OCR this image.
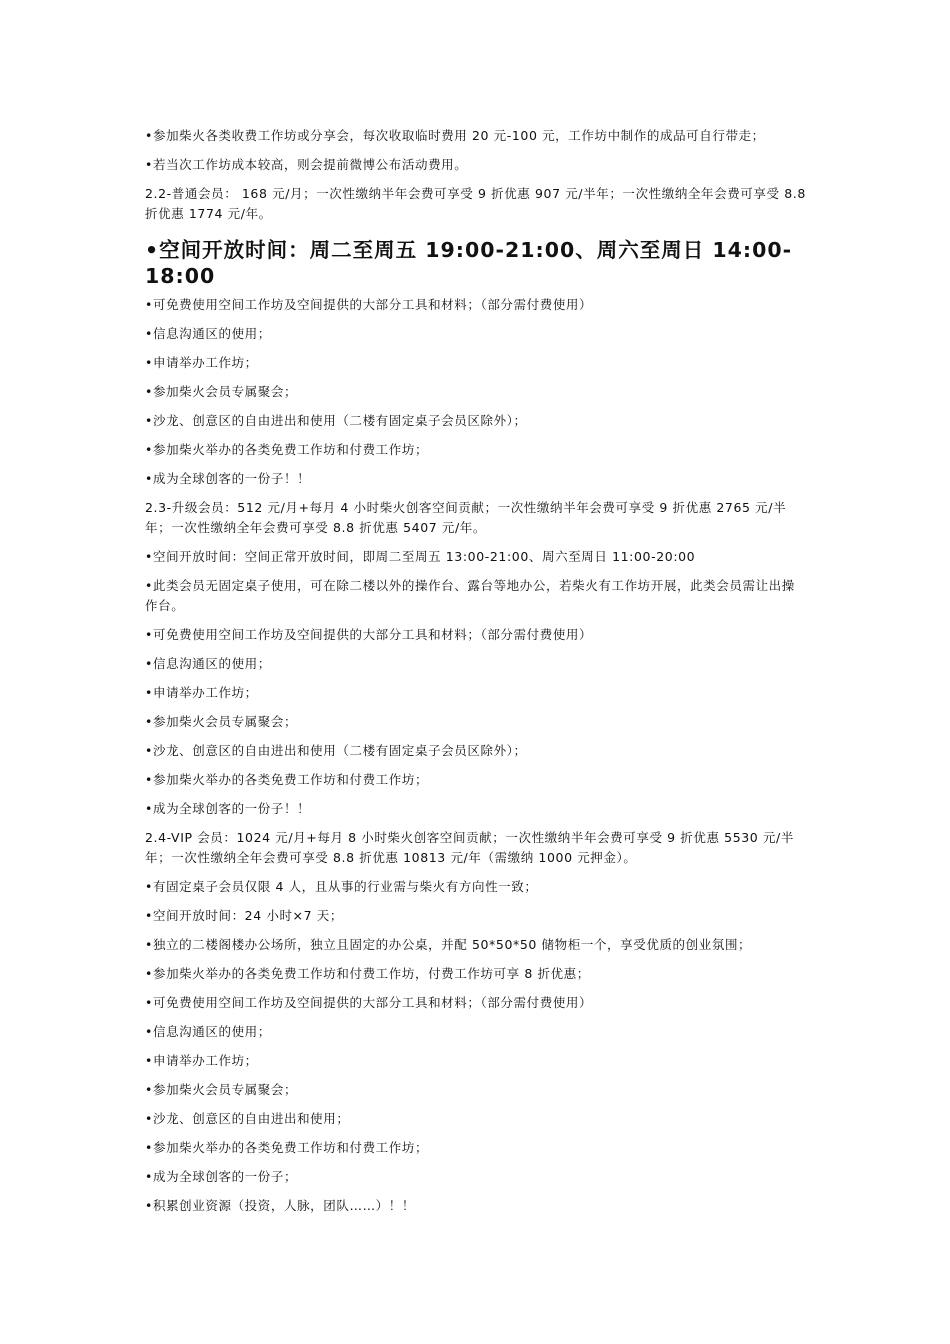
•参加柴火各类收费工作坊或分享会，每次收取临时费用 20 元-100 元，工作坊中制作的成品可自行带走；

•若当次工作坊成本较高，则会提前微博公布活动费用。

2.2-普通会员： 168 元/月；一次性缴纳半年会费可享受 9 折优惠 907 元/半年；一次性缴纳全年会费可享受 8.8 折优惠 1774 元/年。

•空间开放时间：周二至周五 19:00-21:00、周六至周日 14:00-18:00

•可免费使用空间工作坊及空间提供的大部分工具和材料；（部分需付费使用）

•信息沟通区的使用；

•申请举办工作坊；

•参加柴火会员专属聚会；

•沙龙、创意区的自由进出和使用（二楼有固定桌子会员区除外）；

•参加柴火举办的各类免费工作坊和付费工作坊；

•成为全球创客的一份子！！

2.3-升级会员：512 元/月+每月 4 小时柴火创客空间贡献；一次性缴纳半年会费可享受 9 折优惠 2765 元/半年；一次性缴纳全年会费可享受 8.8 折优惠 5407 元/年。

•空间开放时间：空间正常开放时间，即周二至周五 13:00-21:00、周六至周日 11:00-20:00

•此类会员无固定桌子使用，可在除二楼以外的操作台、露台等地办公，若柴火有工作坊开展，此类会员需让出操作台。

•可免费使用空间工作坊及空间提供的大部分工具和材料；（部分需付费使用）

•信息沟通区的使用；

•申请举办工作坊；

•参加柴火会员专属聚会；

•沙龙、创意区的自由进出和使用（二楼有固定桌子会员区除外）；

•参加柴火举办的各类免费工作坊和付费工作坊；

•成为全球创客的一份子！！

2.4-VIP 会员：1024 元/月+每月 8 小时柴火创客空间贡献；一次性缴纳半年会费可享受 9 折优惠 5530 元/半年；一次性缴纳全年会费可享受 8.8 折优惠 10813 元/年（需缴纳 1000 元押金）。

•有固定桌子会员仅限 4 人，且从事的行业需与柴火有方向性一致；

•空间开放时间：24 小时×7 天；

•独立的二楼阁楼办公场所，独立且固定的办公桌，并配 50*50*50 储物柜一个，享受优质的创业氛围；

•参加柴火举办的各类免费工作坊和付费工作坊，付费工作坊可享 8 折优惠；

•可免费使用空间工作坊及空间提供的大部分工具和材料；（部分需付费使用）

•信息沟通区的使用；

•申请举办工作坊；

•参加柴火会员专属聚会；

•沙龙、创意区的自由进出和使用；

•参加柴火举办的各类免费工作坊和付费工作坊；

•成为全球创客的一份子；

•积累创业资源（投资，人脉，团队……）！！
